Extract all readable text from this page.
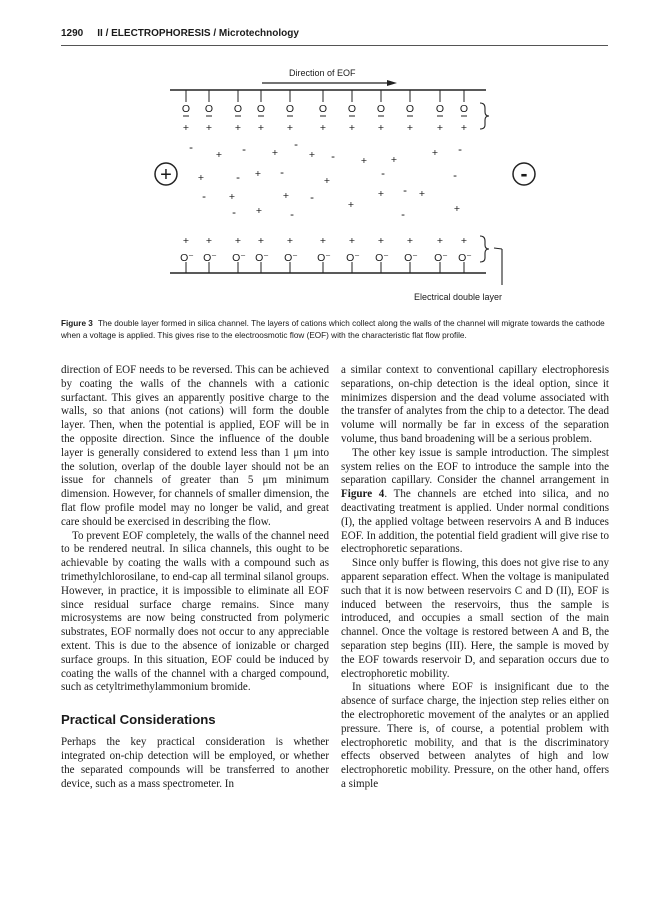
1290 II / ELECTROPHORESIS / Microtechnology
Direction of EOF
O O O O O O O O O O O
+ + + + +	+ + + + + +
+ + + + +	+ + + + + +
O⁻ O⁻ O⁻ O⁻ O⁻ O⁻ O⁻ O⁻ O⁻ O⁻ O⁻
-
+ - +
-
+ - + +
+ -
+	- + -
+
-	-
- +	+ -	+ - +
- + -
+
-	+
Electrical double layer
+	-

Figure 3 The double layer formed in silica channel. The layers of cations which collect along the walls of the channel will migrate towards the cathode when a voltage is applied. This gives rise to the electroosmotic flow (EOF) with the characteristic flat flow profile.

direction of EOF needs to be reversed. This can be achieved by coating the walls of the channels with a cationic surfactant. This gives an apparently positive charge to the walls, so that anions (not cations) will form the double layer. Then, when the potential is applied, EOF will be in the opposite direction. Since the influence of the double layer is generally considered to extend less than 1 μm into the solution, overlap of the double layer should not be an issue for channels of greater than 5 μm minimum dimension. However, for channels of smaller dimension, the flat flow profile model may no longer be valid, and great care should be exercised in describing the flow.

To prevent EOF completely, the walls of the channel need to be rendered neutral. In silica channels, this ought to be achievable by coating the walls with a compound such as trimethylchlorosilane, to end-cap all terminal silanol groups. However, in practice, it is impossible to eliminate all EOF since residual surface charge remains. Since many microsystems are now being constructed from polymeric substrates, EOF normally does not occur to any appreciable extent. This is due to the absence of ionizable or charged surface groups. In this situation, EOF could be induced by coating the walls of the channel with a charged compound, such as cetyltrimethylammonium bromide.

Practical Considerations

Perhaps the key practical consideration is whether integrated on-chip detection will be employed, or whether the separated compounds will be transferred to another device, such as a mass spectrometer. In

a similar context to conventional capillary electrophoresis separations, on-chip detection is the ideal option, since it minimizes dispersion and the dead volume associated with the transfer of analytes from the chip to a detector. The dead volume will normally be far in excess of the separation volume, thus band broadening will be a serious problem.

The other key issue is sample introduction. The simplest system relies on the EOF to introduce the sample into the separation capillary. Consider the channel arrangement in Figure 4. The channels are etched into silica, and no deactivating treatment is applied. Under normal conditions (I), the applied voltage between reservoirs A and B induces EOF. In addition, the potential field gradient will give rise to electrophoretic separations.

Since only buffer is flowing, this does not give rise to any apparent separation effect. When the voltage is manipulated such that it is now between reservoirs C and D (II), EOF is induced between the reservoirs, thus the sample is introduced, and occupies a small section of the main channel. Once the voltage is restored between A and B, the separation step begins (III). Here, the sample is moved by the EOF towards reservoir D, and separation occurs due to electrophoretic mobility.

In situations where EOF is insignificant due to the absence of surface charge, the injection step relies either on the electrophoretic movement of the analytes or an applied pressure. There is, of course, a potential problem with electrophoretic mobility, and that is the discriminatory effects observed between analytes of high and low electrophoretic mobility. Pressure, on the other hand, offers a simple
